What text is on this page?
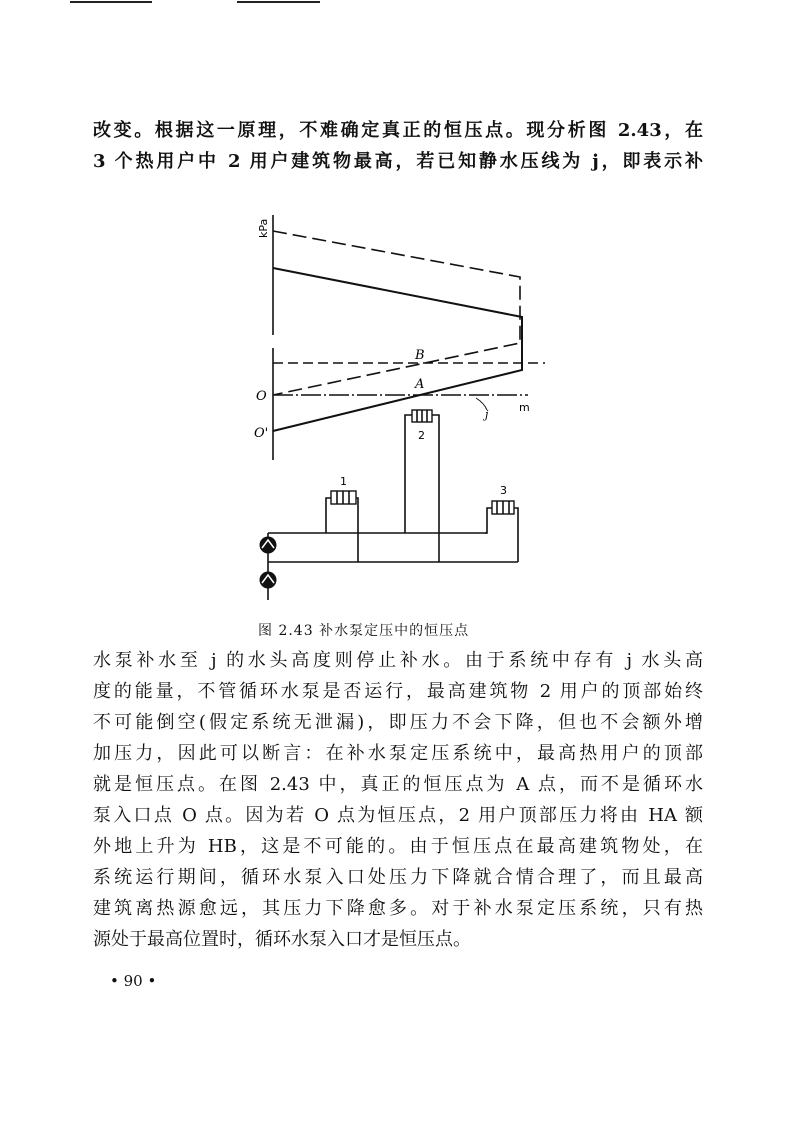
改变。根据这一原理，不难确定真正的恒压点。现分析图 2.43，在
3 个热用户中 2 用户建筑物最高，若已知静水压线为 j，即表示补
kPa
m
B
A
O
O'
j
1
2
3
图 2.43 补水泵定压中的恒压点
水泵补水至 j 的水头高度则停止补水。由于系统中存有 j 水头高
度的能量，不管循环水泵是否运行，最高建筑物 2 用户的顶部始终
不可能倒空(假定系统无泄漏)，即压力不会下降，但也不会额外增
加压力，因此可以断言：在补水泵定压系统中，最高热用户的顶部
就是恒压点。在图 2.43 中，真正的恒压点为 A 点，而不是循环水
泵入口点 O 点。因为若 O 点为恒压点，2 用户顶部压力将由 HA 额
外地上升为 HB，这是不可能的。由于恒压点在最高建筑物处，在
系统运行期间，循环水泵入口处压力下降就合情合理了，而且最高
建筑离热源愈远，其压力下降愈多。对于补水泵定压系统，只有热
源处于最高位置时，循环水泵入口才是恒压点。
• 90 •
